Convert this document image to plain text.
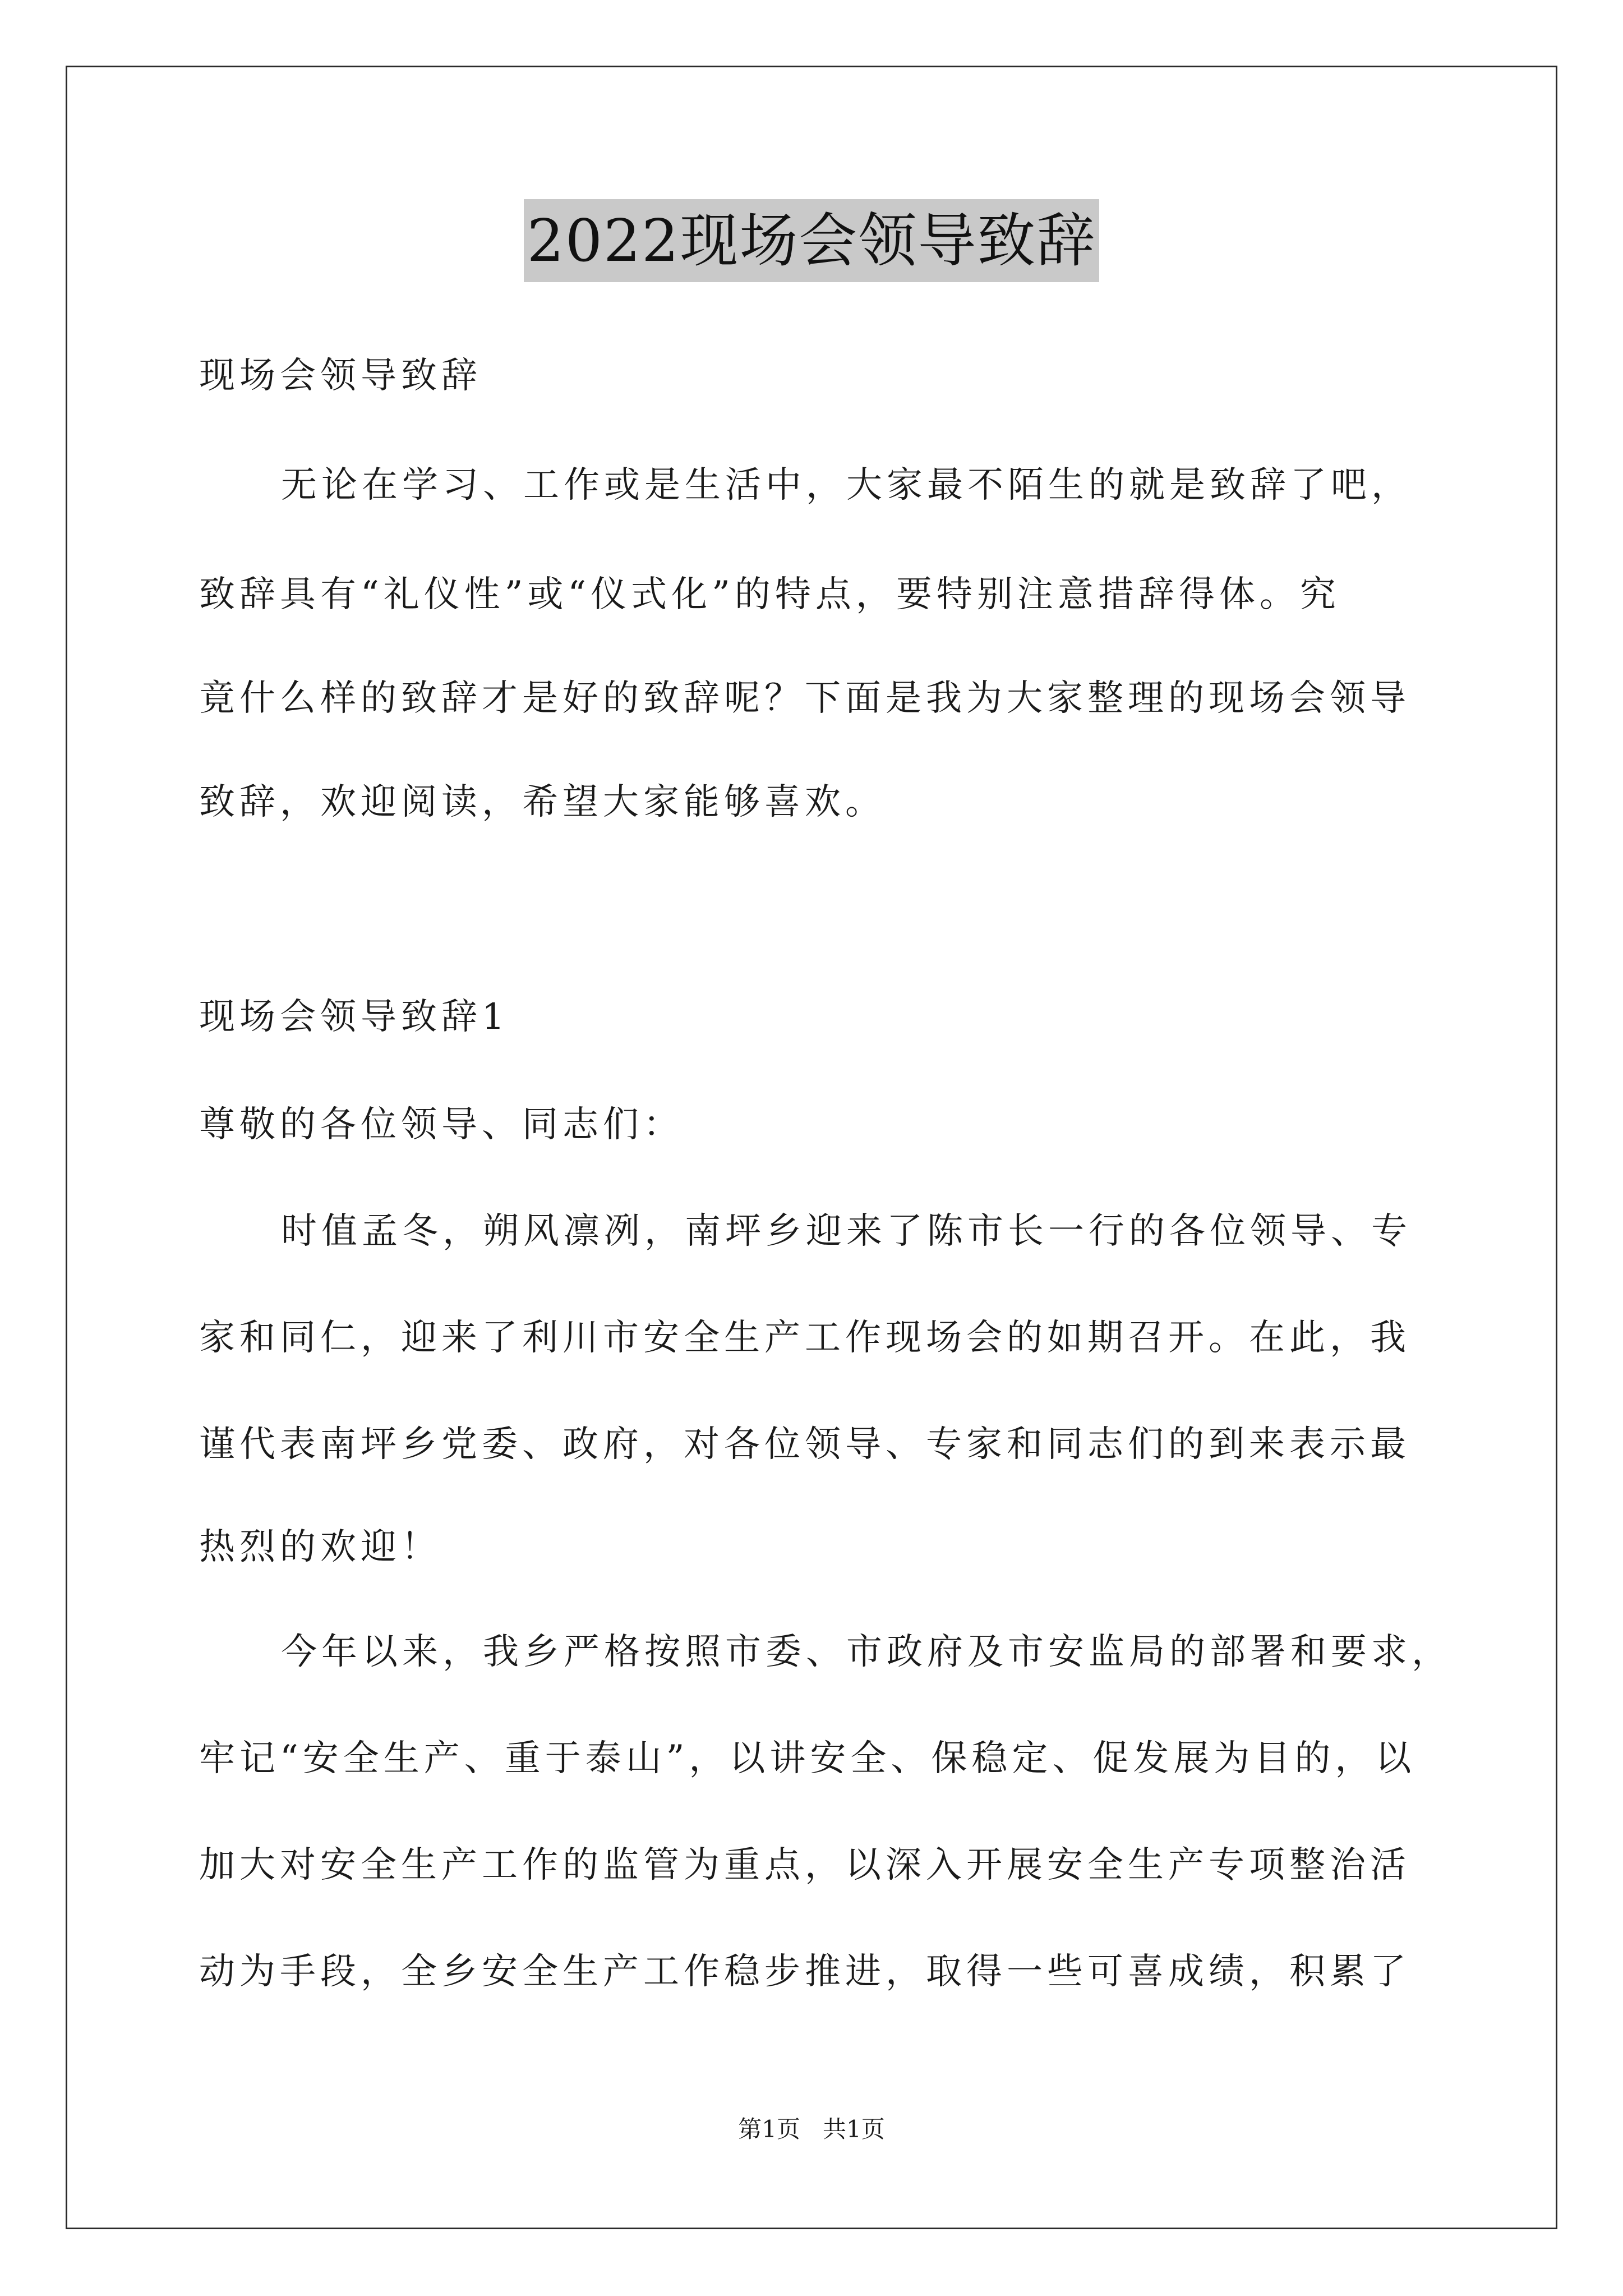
2022现场会领导致辞
现场会领导致辞
无论在学习、工作或是生活中，大家最不陌生的就是致辞了吧，
致辞具有“礼仪性”或“仪式化”的特点，要特别注意措辞得体。究
竟什么样的致辞才是好的致辞呢？下面是我为大家整理的现场会领导
致辞，欢迎阅读，希望大家能够喜欢。
现场会领导致辞1
尊敬的各位领导、同志们：
时值孟冬，朔风凛冽，南坪乡迎来了陈市长一行的各位领导、专
家和同仁，迎来了利川市安全生产工作现场会的如期召开。在此，我
谨代表南坪乡党委、政府，对各位领导、专家和同志们的到来表示最
热烈的欢迎！
今年以来，我乡严格按照市委、市政府及市安监局的部署和要求，
牢记“安全生产、重于泰山”，以讲安全、保稳定、促发展为目的，以
加大对安全生产工作的监管为重点，以深入开展安全生产专项整治活
动为手段，全乡安全生产工作稳步推进，取得一些可喜成绩，积累了
第1页   共1页
